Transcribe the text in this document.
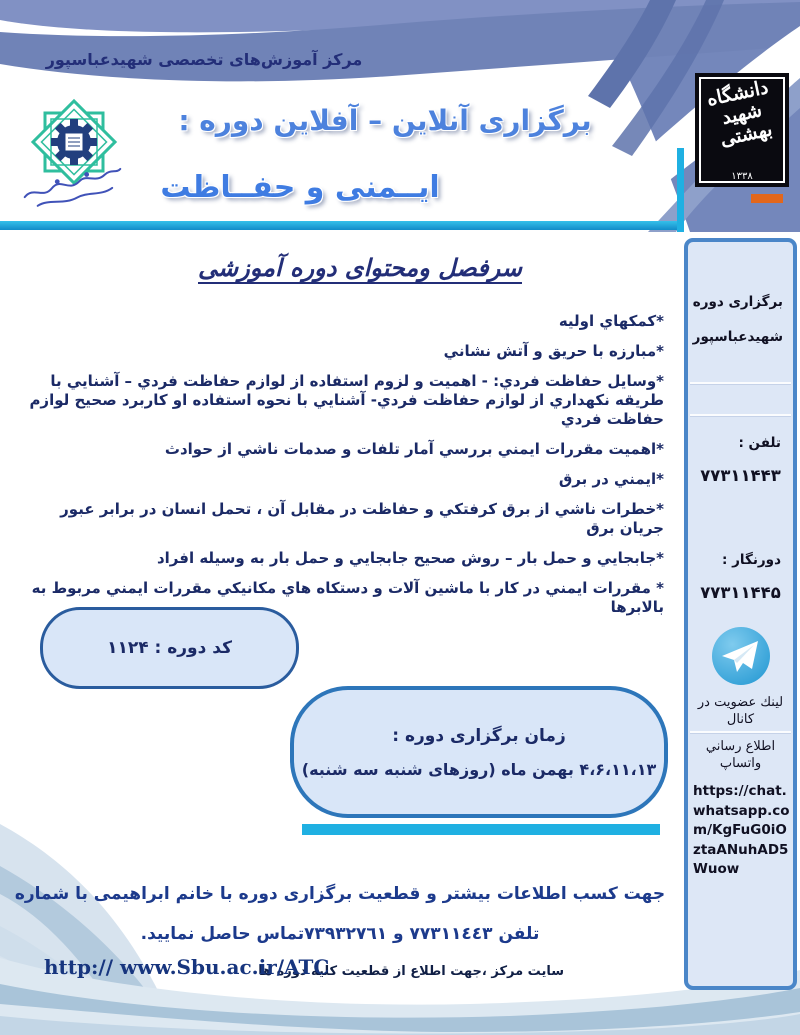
مرکز آموزش‌های تخصصی شهیدعباسپور
برگزاری آنلاین – آفلاین دوره :
ایــمنی و حفــاظت
دانشگاه شهید بهشتی
۱۳۳۸
سرفصل ومحتوای دوره آموزشی
*کمکهاي اوليه
*مبارزه با حریق و آتش نشاني
*وسایل حفاظت فردي: - اهمیت و لزوم استفاده از لوازم حفاظت فردي – آشنایي با طریقه نكهداري از لوازم حفاظت فردي- آشنایي با نحوه استفاده او کاربرد صحیح لوازم حفاظت فردي
*اهمیت مقررات ایمني بررسي آمار تلفات و صدمات ناشي از حوادث
*ایمني در برق
*خطرات ناشي از برق کرفتكي و حفاظت در مقابل آن ، تحمل انسان در برابر عبور جریان برق
*جابجایي و حمل بار – روش صحیح جابجایي و حمل بار به وسیله افراد
* مقررات ایمني در کار با ماشین آلات و دستکاه هاي مكانیكي مقررات ایمني مربوط به بالابرها
کد دوره : ۱۱۲۴
زمان برگزاری دوره :
۴،۶،۱۱،۱۳ بهمن ماه (روزهای شنبه سه شنبه)
جهت کسب اطلاعات بیشتر و قطعیت برگزاری دوره با خانم ابراهیمی با شماره
تلفن ٧٧٣١١٤٤٣ و ٧٣٩٣٢٧٦١تماس حاصل نمایید.
سایت مرکز ،جهت اطلاع از قطعیت کلیه دوره ها
http:// www.Sbu.ac.ir/ATC
برگزاری دوره
شهیدعباسپور
تلفن :
۷۷۳۱۱۴۴۳
دورنگار :
۷۷۳۱۱۴۴۵
لینك عضویت در كانال
اطلاع رساني واتساپ
https://chat.whatsapp.com/KgFuG0iOztaANuhAD5Wuow
